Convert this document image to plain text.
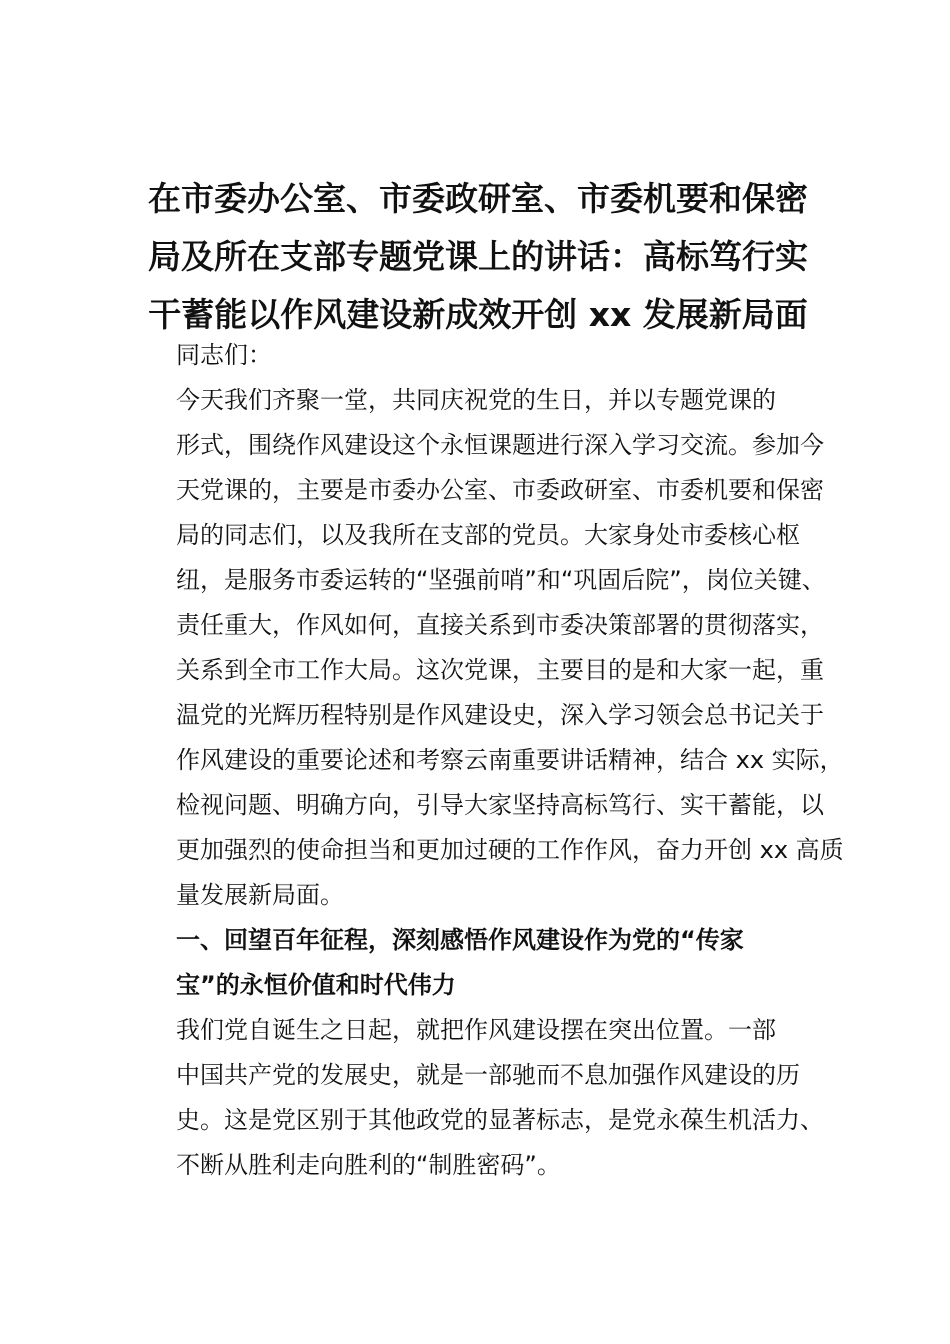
在市委办公室、市委政研室、市委机要和保密
局及所在支部专题党课上的讲话：高标笃行实
干蓄能以作风建设新成效开创 xx 发展新局面

同志们：

今天我们齐聚一堂，共同庆祝党的生日，并以专题党课的
形式，围绕作风建设这个永恒课题进行深入学习交流。参加今
天党课的，主要是市委办公室、市委政研室、市委机要和保密
局的同志们，以及我所在支部的党员。大家身处市委核心枢
纽，是服务市委运转的“坚强前哨”和“巩固后院”，岗位关键、
责任重大，作风如何，直接关系到市委决策部署的贯彻落实，
关系到全市工作大局。这次党课，主要目的是和大家一起，重
温党的光辉历程特别是作风建设史，深入学习领会总书记关于
作风建设的重要论述和考察云南重要讲话精神，结合 xx 实际，
检视问题、明确方向，引导大家坚持高标笃行、实干蓄能，以
更加强烈的使命担当和更加过硬的工作作风，奋力开创 xx 高质
量发展新局面。

一、回望百年征程，深刻感悟作风建设作为党的“传家
宝”的永恒价值和时代伟力

我们党自诞生之日起，就把作风建设摆在突出位置。一部
中国共产党的发展史，就是一部驰而不息加强作风建设的历
史。这是党区别于其他政党的显著标志，是党永葆生机活力、
不断从胜利走向胜利的“制胜密码”。
